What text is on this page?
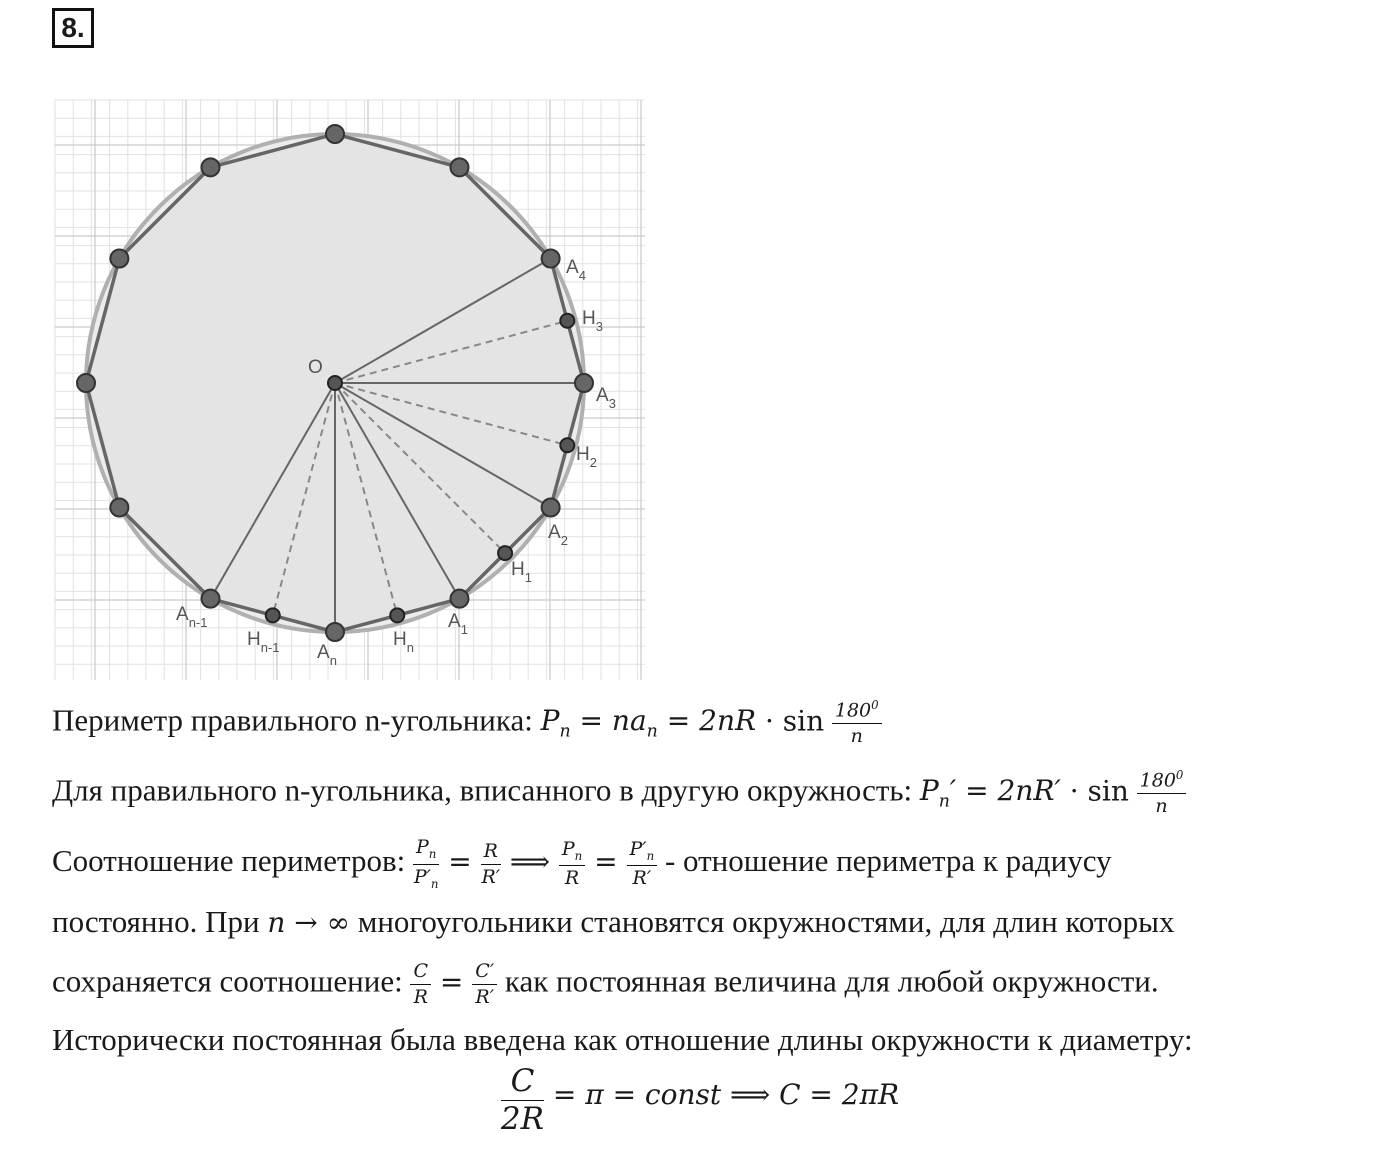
8.
O
$A_4$
$H_3$
$A_3$
$H_2$
$A_2$
$H_1$
$A_1$
$H_n$
$A_n$
$H_{n-1}$
$A_{n-1}$
Периметр правильного n-угольника: $P_n = na_n = 2nR \cdot \sin \frac{180^0}{n}$
Для правильного n-угольника, вписанного в другую окружность: $P_n' = 2nR' \cdot \sin \frac{180^0}{n}$
Соотношение периметров: $\frac{P_n}{P'_n} = \frac{R}{R'}$ ⟹ $\frac{P_n}{R} = \frac{P'_n}{R'}$ - отношение периметра к радиусу
постоянно. При n → ∞ многоугольники становятся окружностями, для длин которых
сохраняется соотношение: $\frac{C}{R} = \frac{C'}{R'}$ как постоянная величина для любой окружности.
Исторически постоянная была введена как отношение длины окружности к диаметру:
$\frac{C}{2R} = \pi$ = const ⟹ C = 2πR
